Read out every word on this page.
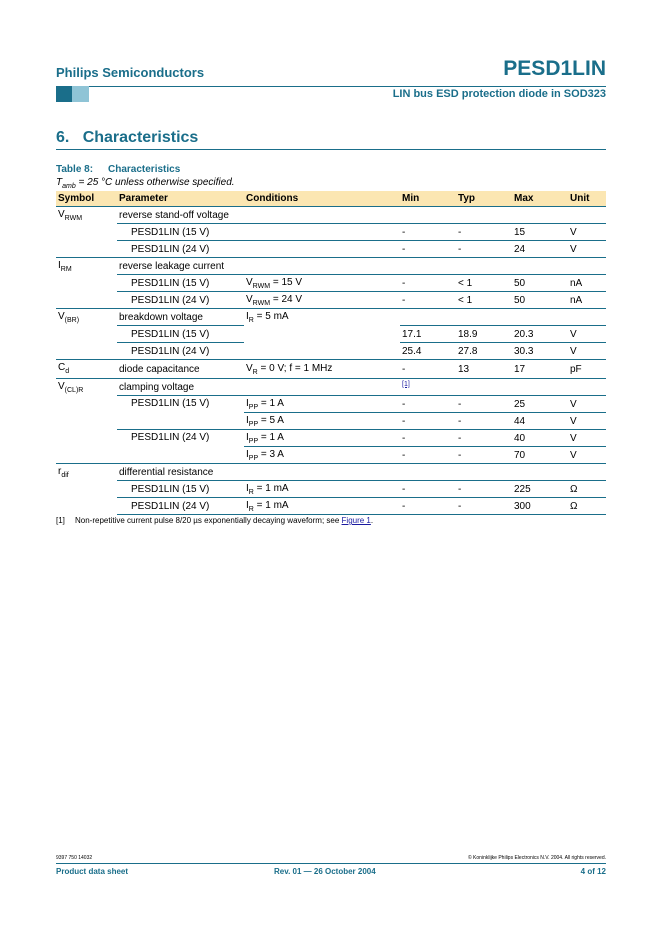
Philips Semiconductors	PESD1LIN
LIN bus ESD protection diode in SOD323
6. Characteristics
Table 8: Characteristics
$T_{amb} = 25$ °C unless otherwise specified.
Symbol	Parameter	Conditions	Min	Typ	Max	Unit
$V_{RWM}$	reverse stand-off voltage					
	PESD1LIN (15 V)		-	-	15	V
	PESD1LIN (24 V)		-	-	24	V
$I_{RM}$	reverse leakage current					
	PESD1LIN (15 V)	$V_{RWM} = 15$ V	-	< 1	50	nA
	PESD1LIN (24 V)	$V_{RWM} = 24$ V	-	< 1	50	nA
$V_{(BR)}$	breakdown voltage	$I_R = 5$ mA				
	PESD1LIN (15 V)		17.1	18.9	20.3	V
	PESD1LIN (24 V)		25.4	27.8	30.3	V
$C_d$	diode capacitance	$V_R = 0$ V; f = 1 MHz	-	13	17	pF
$V_{(CL)R}$	clamping voltage		[1]			
	PESD1LIN (15 V)	$I_{PP} = 1$ A	-	-	25	V
		$I_{PP} = 5$ A	-	-	44	V
	PESD1LIN (24 V)	$I_{PP} = 1$ A	-	-	40	V
		$I_{PP} = 3$ A	-	-	70	V
$r_{dif}$	differential resistance					
	PESD1LIN (15 V)	$I_R = 1$ mA	-	-	225	Ω
	PESD1LIN (24 V)	$I_R = 1$ mA	-	-	300	Ω
[1] Non-repetitive current pulse 8/20 µs exponentially decaying waveform; see Figure 1.
9397 750 14032	© Koninklijke Philips Electronics N.V. 2004. All rights reserved.
Product data sheet	Rev. 01 — 26 October 2004	4 of 12
